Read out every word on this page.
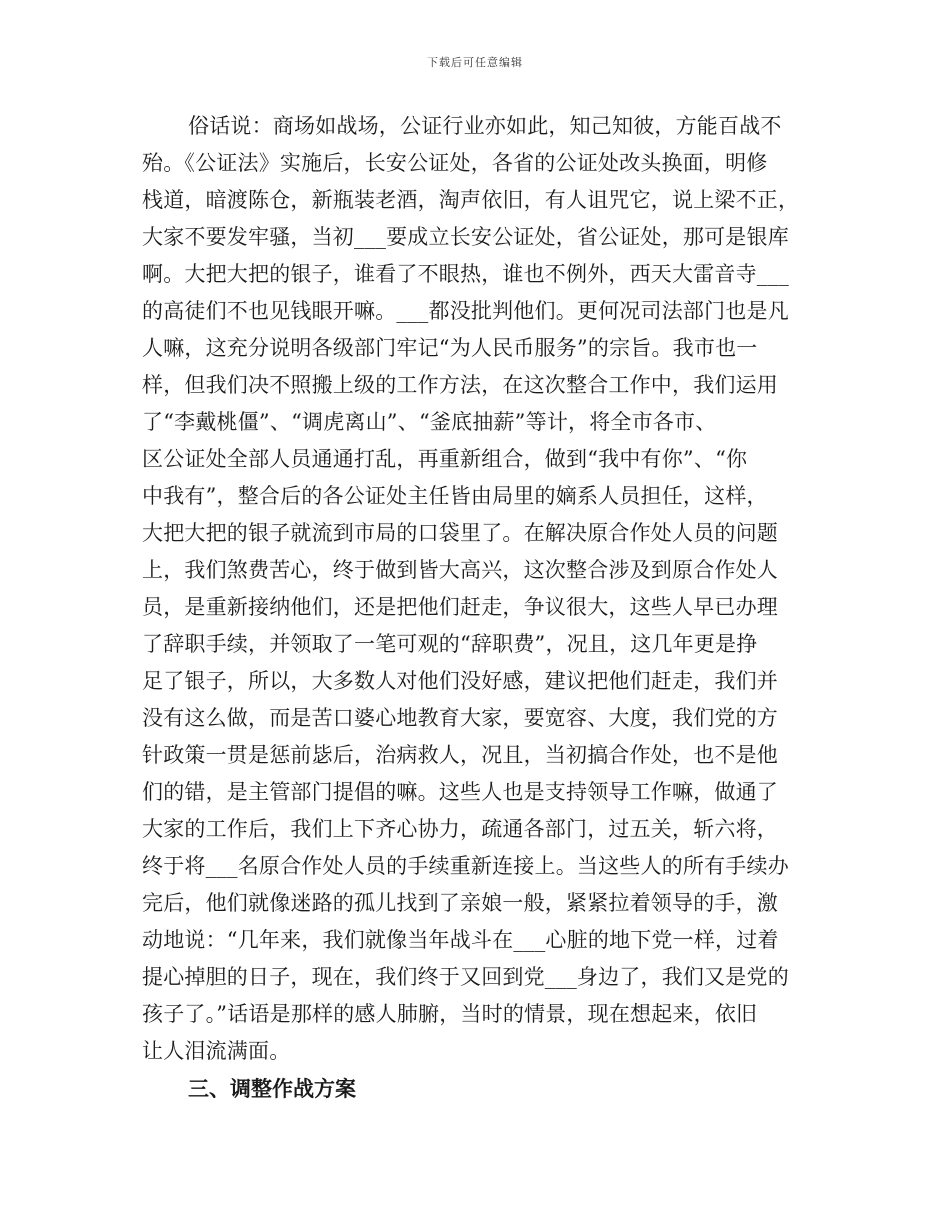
下载后可任意编辑
俗话说：商场如战场，公证行业亦如此，知己知彼，方能百战不
殆。《公证法》实施后，长安公证处，各省的公证处改头换面，明修
栈道，暗渡陈仓，新瓶装老酒，淘声依旧，有人诅咒它，说上梁不正，
大家不要发牢骚，当初___要成立长安公证处，省公证处，那可是银库
啊。大把大把的银子，谁看了不眼热，谁也不例外，西天大雷音寺___
的高徒们不也见钱眼开嘛。___都没批判他们。更何况司法部门也是凡
人嘛，这充分说明各级部门牢记“为人民币服务”的宗旨。我市也一
样，但我们决不照搬上级的工作方法，在这次整合工作中，我们运用
了“李戴桃僵”、“调虎离山”、“釜底抽薪”等计，将全市各市、
区公证处全部人员通通打乱，再重新组合，做到“我中有你”、“你
中我有”，整合后的各公证处主任皆由局里的嫡系人员担任，这样，
大把大把的银子就流到市局的口袋里了。在解决原合作处人员的问题
上，我们煞费苦心，终于做到皆大高兴，这次整合涉及到原合作处人
员，是重新接纳他们，还是把他们赶走，争议很大，这些人早已办理
了辞职手续，并领取了一笔可观的“辞职费”，况且，这几年更是挣
足了银子，所以，大多数人对他们没好感，建议把他们赶走，我们并
没有这么做，而是苦口婆心地教育大家，要宽容、大度，我们党的方
针政策一贯是惩前毖后，治病救人，况且，当初搞合作处，也不是他
们的错，是主管部门提倡的嘛。这些人也是支持领导工作嘛，做通了
大家的工作后，我们上下齐心协力，疏通各部门，过五关，斩六将，
终于将___名原合作处人员的手续重新连接上。当这些人的所有手续办
完后，他们就像迷路的孤儿找到了亲娘一般，紧紧拉着领导的手，激
动地说：“几年来，我们就像当年战斗在___心脏的地下党一样，过着
提心掉胆的日子，现在，我们终于又回到党___身边了，我们又是党的
孩子了。”话语是那样的感人肺腑，当时的情景，现在想起来，依旧
让人泪流满面。
三、调整作战方案
